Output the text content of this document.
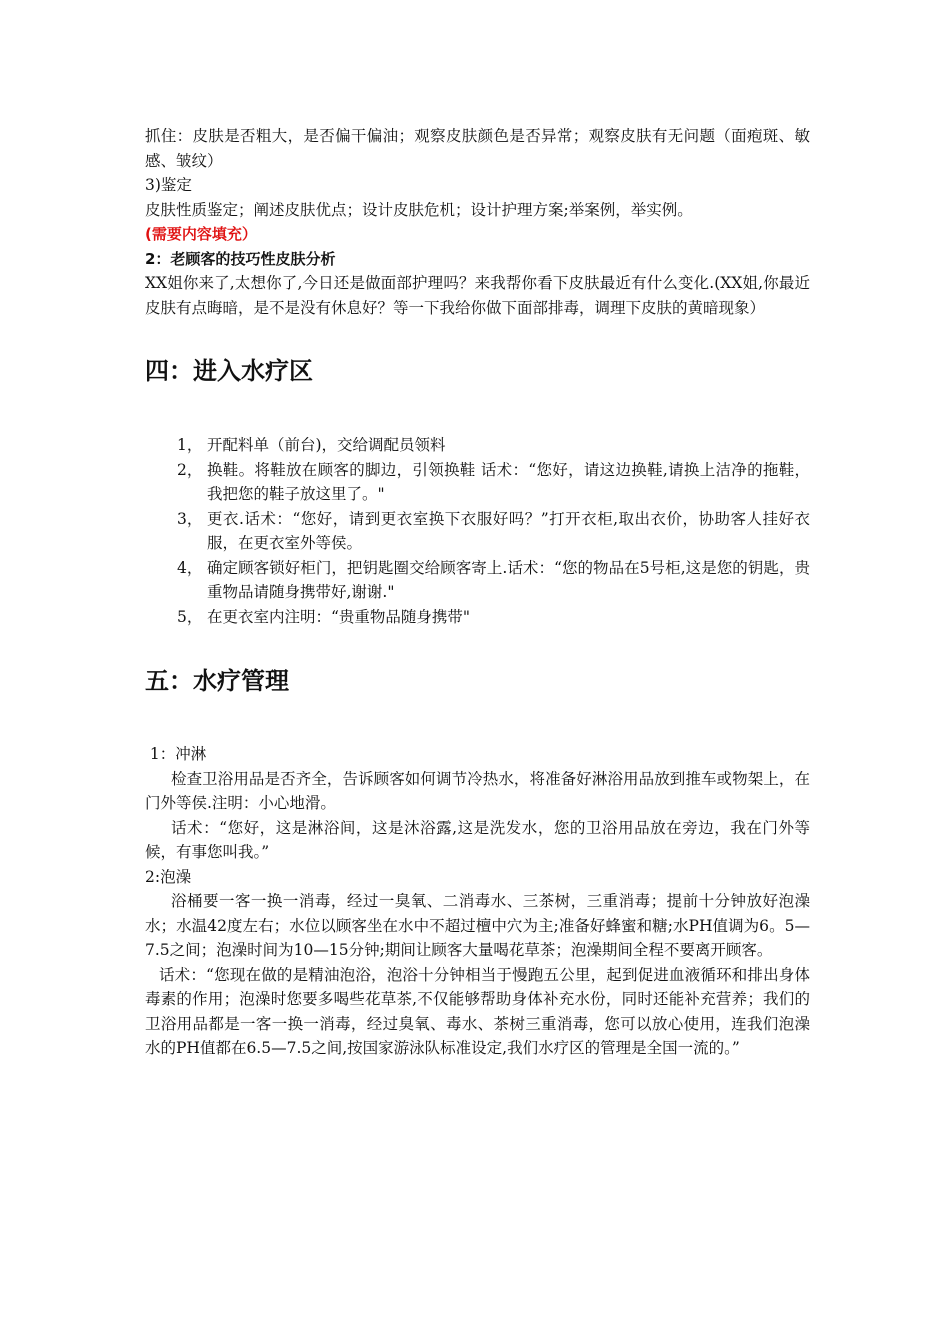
抓住：皮肤是否粗大，是否偏干偏油；观察皮肤颜色是否异常；观察皮肤有无问题（面疱斑、敏感、皱纹）

3)鉴定

皮肤性质鉴定；阐述皮肤优点；设计皮肤危机；设计护理方案;举案例，举实例。

(需要内容填充）

2：老顾客的技巧性皮肤分析

XX姐你来了,太想你了,今日还是做面部护理吗？来我帮你看下皮肤最近有什么变化.(XX姐,你最近皮肤有点晦暗，是不是没有休息好？等一下我给你做下面部排毒，调理下皮肤的黄暗现象）

四：进入水疗区
1， 开配料单（前台)，交给调配员领料
2， 换鞋。将鞋放在顾客的脚边，引领换鞋 话术：“您好，请这边换鞋,请换上洁净的拖鞋，我把您的鞋子放这里了。"
3， 更衣.话术：“您好，请到更衣室换下衣服好吗？”打开衣柜,取出衣价，协助客人挂好衣服，在更衣室外等侯。
4， 确定顾客锁好柜门，把钥匙圈交给顾客寄上.话术：“您的物品在5号柜,这是您的钥匙，贵重物品请随身携带好,谢谢."
5， 在更衣室内注明：“贵重物品随身携带"
五：水疗管理

1：冲淋

检查卫浴用品是否齐全，告诉顾客如何调节冷热水，将准备好淋浴用品放到推车或物架上，在门外等侯.注明：小心地滑。

话术：“您好，这是淋浴间，这是沐浴露,这是洗发水，您的卫浴用品放在旁边，我在门外等候，有事您叫我。”

2:泡澡

浴桶要一客一换一消毒，经过一臭氧、二消毒水、三茶树，三重消毒；提前十分钟放好泡澡水；水温42度左右；水位以顾客坐在水中不超过檀中穴为主;准备好蜂蜜和糖;水PH值调为6。5—7.5之间；泡澡时间为10—15分钟;期间让顾客大量喝花草茶；泡澡期间全程不要离开顾客。

话术：“您现在做的是精油泡浴，泡浴十分钟相当于慢跑五公里，起到促进血液循环和排出身体毒素的作用；泡澡时您要多喝些花草茶,不仅能够帮助身体补充水份，同时还能补充营养；我们的卫浴用品都是一客一换一消毒，经过臭氧、毒水、茶树三重消毒，您可以放心使用，连我们泡澡水的PH值都在6.5—7.5之间,按国家游泳队标准设定,我们水疗区的管理是全国一流的。”
